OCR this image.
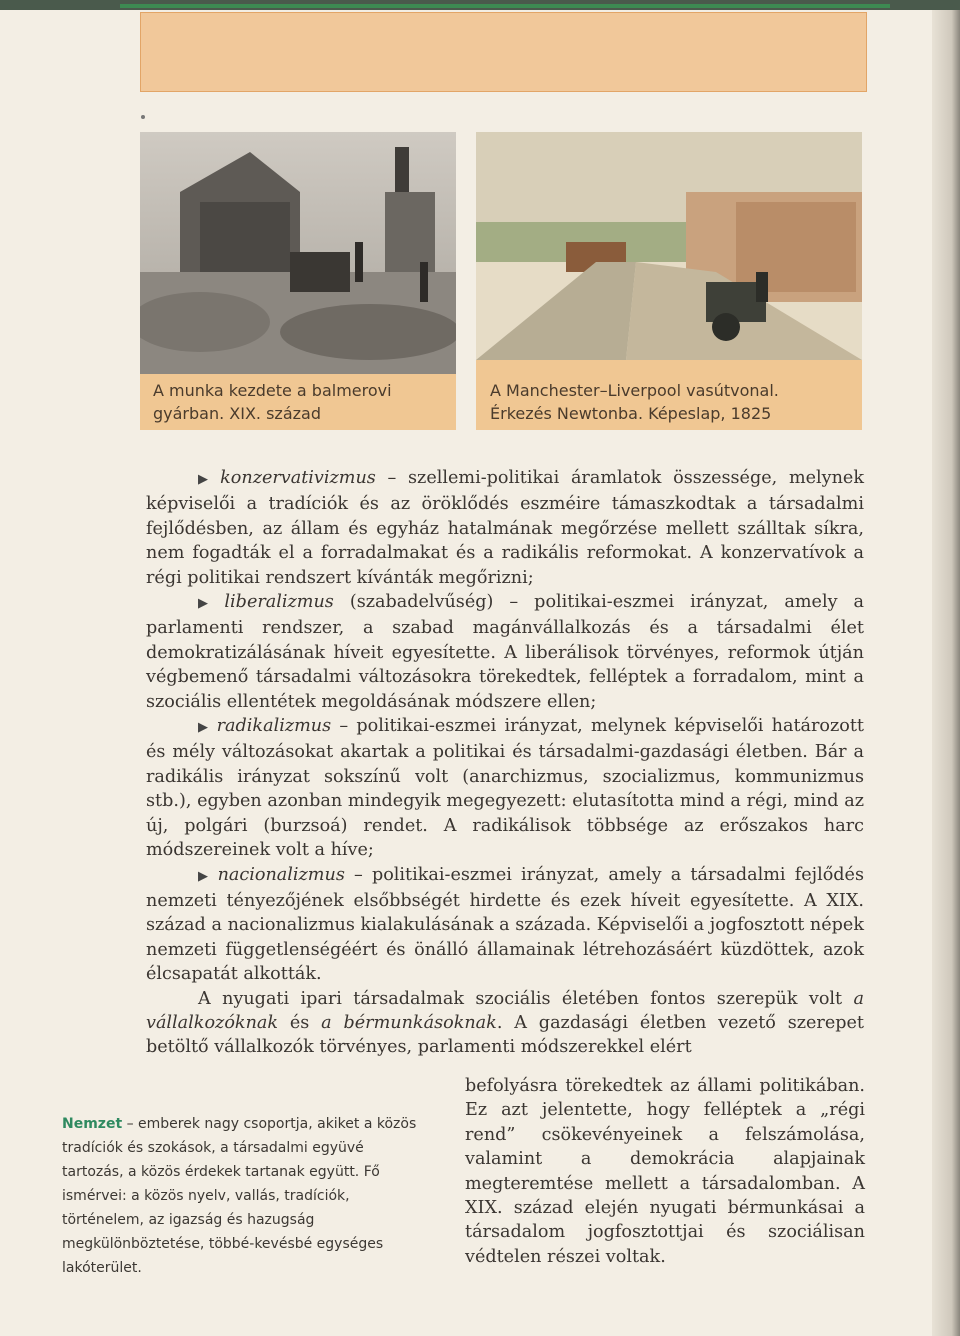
A munka kezdete a balmerovi
gyárban. XIX. század
A Manchester–Liverpool vasútvonal.
Érkezés Newtonba. Képeslap, 1825

▶ konzervativizmus – szellemi-politikai áramlatok összessége, melynek képviselői a tradíciók és az öröklődés eszméire támaszkodtak a társadalmi fejlődésben, az állam és egyház hatalmának megőrzése mellett szálltak síkra, nem fogadták el a forradalmakat és a radikális reformokat. A konzervatívok a régi politikai rendszert kívánták megőrizni;

▶ liberalizmus (szabadelvűség) – politikai-eszmei irányzat, amely a parlamenti rendszer, a szabad magánvállalkozás és a társadalmi élet demokratizálásának híveit egyesítette. A liberálisok törvényes, reformok útján végbemenő társadalmi változásokra törekedtek, felléptek a forradalom, mint a szociális ellentétek megoldásának módszere ellen;

▶ radikalizmus – politikai-eszmei irányzat, melynek képviselői határozott és mély változásokat akartak a politikai és társadalmi-gazdasági életben. Bár a radikális irányzat sokszínű volt (anarchizmus, szocializmus, kommunizmus stb.), egyben azonban mindegyik megegyezett: elutasította mind a régi, mind az új, polgári (burzsoá) rendet. A radikálisok többsége az erőszakos harc módszereinek volt a híve;

▶ nacionalizmus – politikai-eszmei irányzat, amely a társadalmi fejlődés nemzeti tényezőjének elsőbbségét hirdette és ezek híveit egyesítette. A XIX. század a nacionalizmus kialakulásának a százada. Képviselői a jogfosztott népek nemzeti függetlenségéért és önálló államainak létrehozásáért küzdöttek, azok élcsapatát alkották.

A nyugati ipari társadalmak szociális életében fontos szerepük volt a vállalkozóknak és a bérmunkásoknak. A gazdasági életben vezető szerepet betöltő vállalkozók törvényes, parlamenti módszerekkel elért

befolyásra törekedtek az állami politikában. Ez azt jelentette, hogy felléptek a „régi rend” csökevényeinek a felszámolása, valamint a demokrácia alapjainak megteremtése mellett a társadalomban. A XIX. század elején nyugati bérmunkásai a társadalom jogfosztottjai és szociálisan védtelen részei voltak.
Nemzet – emberek nagy csoportja, akiket a közös tradíciók és szokások, a társadalmi együvé tartozás, a közös érdekek tartanak együtt. Fő ismérvei: a közös nyelv, vallás, tradíciók, történelem, az igazság és hazugság megkülönböztetése, többé-kevésbé egységes lakóterület.
